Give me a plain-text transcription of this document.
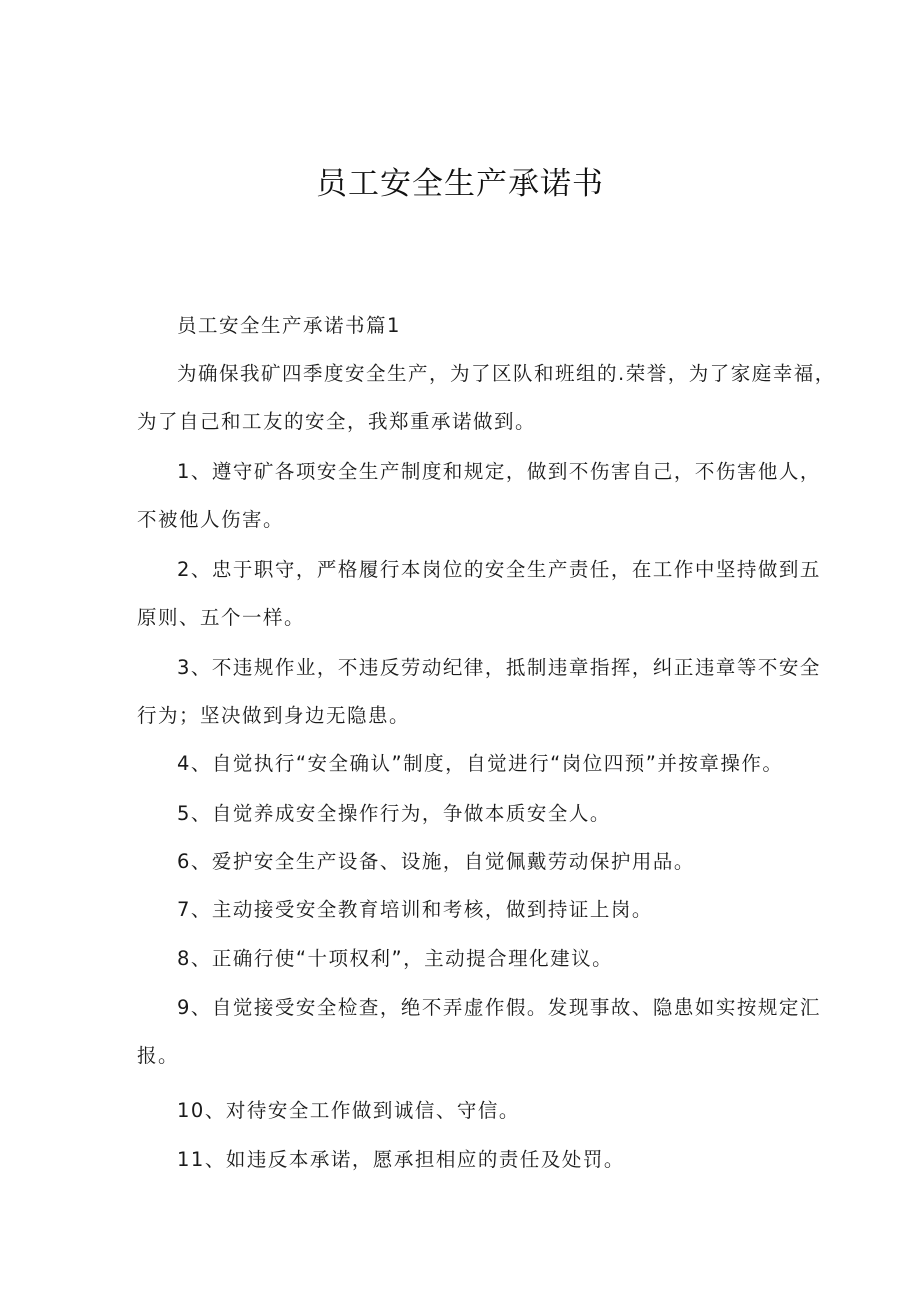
员工安全生产承诺书

员工安全生产承诺书篇1

为确保我矿四季度安全生产，为了区队和班组的.荣誉，为了家庭幸福，

为了自己和工友的安全，我郑重承诺做到。

1、遵守矿各项安全生产制度和规定，做到不伤害自己，不伤害他人，

不被他人伤害。

2、忠于职守，严格履行本岗位的安全生产责任，在工作中坚持做到五

原则、五个一样。

3、不违规作业，不违反劳动纪律，抵制违章指挥，纠正违章等不安全

行为；坚决做到身边无隐患。

4、自觉执行“安全确认”制度，自觉进行“岗位四预”并按章操作。

5、自觉养成安全操作行为，争做本质安全人。

6、爱护安全生产设备、设施，自觉佩戴劳动保护用品。

7、主动接受安全教育培训和考核，做到持证上岗。

8、正确行使“十项权利”，主动提合理化建议。

9、自觉接受安全检查，绝不弄虚作假。发现事故、隐患如实按规定汇

报。

10、对待安全工作做到诚信、守信。

11、如违反本承诺，愿承担相应的责任及处罚。
